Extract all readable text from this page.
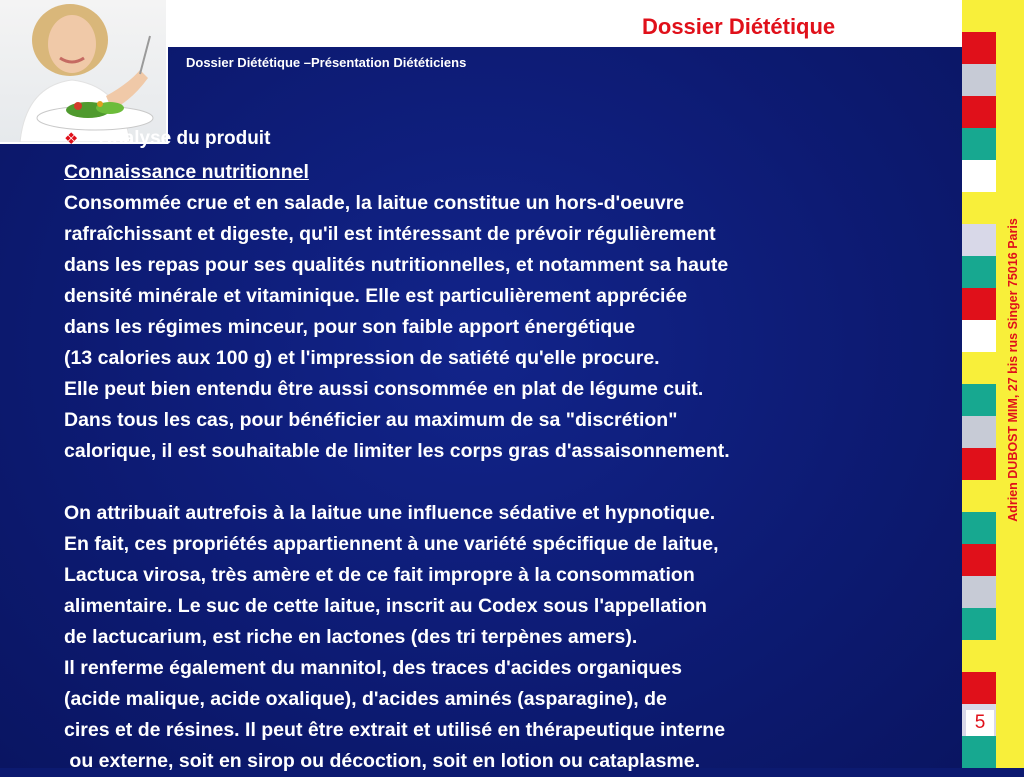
Dossier Diététique
Dossier Diététique –Présentation Diététiciens
❖ Analyse du produit
Connaissance nutritionnel
Consommée crue et en salade, la laitue constitue un hors-d'oeuvre
rafraîchissant et digeste, qu'il est intéressant de prévoir régulièrement
dans les repas pour ses qualités nutritionnelles, et notamment sa haute
densité minérale et vitaminique. Elle est particulièrement appréciée
dans les régimes minceur, pour son faible apport énergétique
(13 calories aux 100 g) et l'impression de satiété qu'elle procure.
Elle peut bien entendu être aussi consommée en plat de légume cuit.
Dans tous les cas, pour bénéficier au maximum de sa "discrétion"
calorique, il est souhaitable de limiter les corps gras d'assaisonnement.
On attribuait autrefois à la laitue une influence sédative et hypnotique.
En fait, ces propriétés appartiennent à une variété spécifique de laitue,
Lactuca virosa, très amère et de ce fait impropre à la consommation
alimentaire. Le suc de cette laitue, inscrit au Codex sous l'appellation
de lactucarium, est riche en lactones (des tri terpènes amers).
Il renferme également du mannitol, des traces d'acides organiques
(acide malique, acide oxalique), d'acides aminés (asparagine), de
cires et de résines. Il peut être extrait et utilisé en thérapeutique interne
ou externe, soit en sirop ou décoction, soit en lotion ou cataplasme.
Adrien DUBOST MIM, 27 bis rus Singer 75016 Paris
5
